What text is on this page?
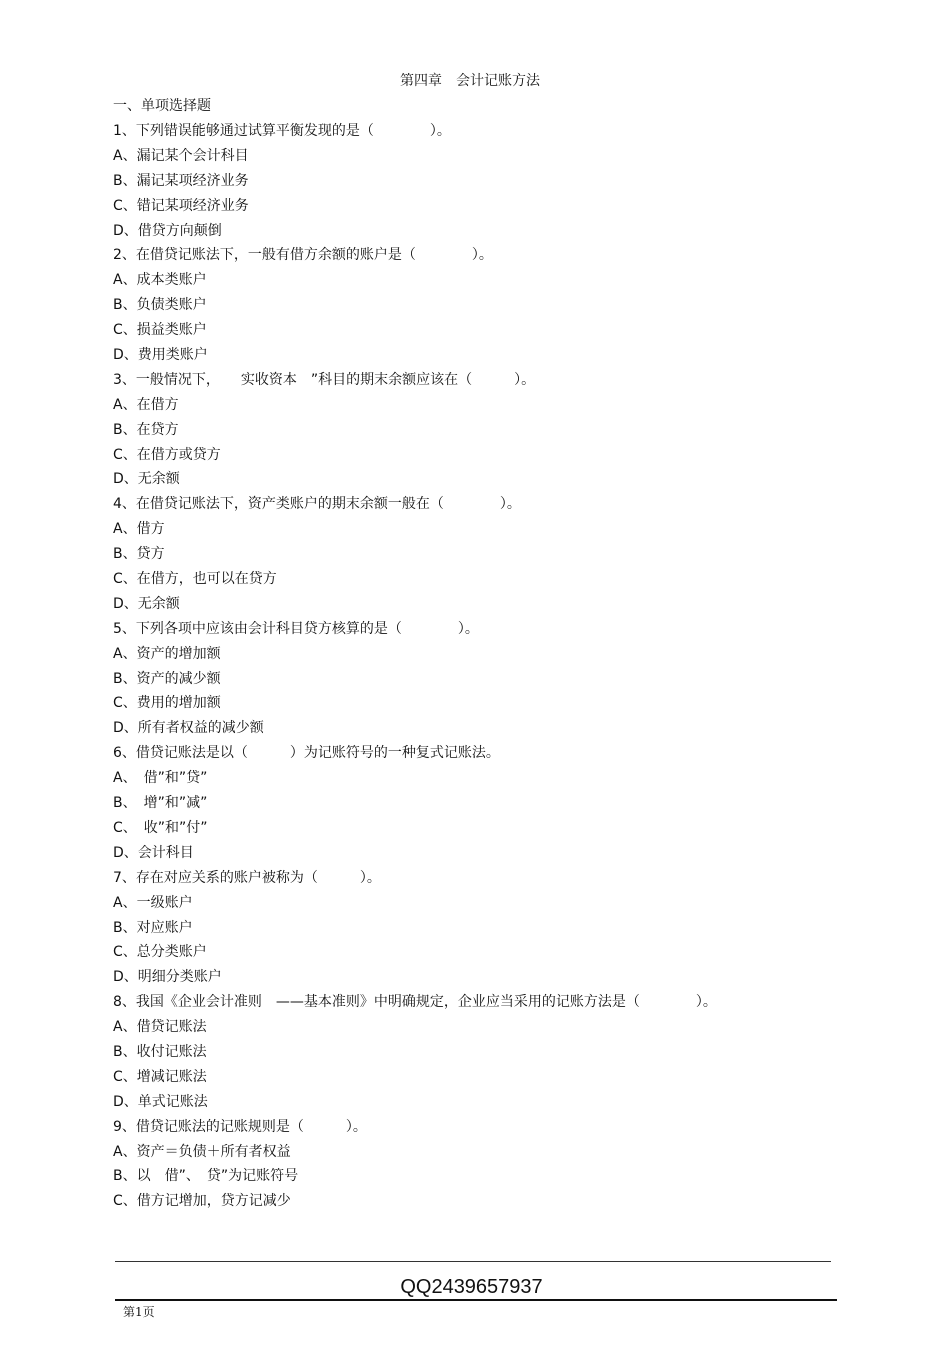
第四章　会计记账方法
一、单项选择题
1、下列错误能够通过试算平衡发现的是（　　　　）。
A、漏记某个会计科目
B、漏记某项经济业务
C、错记某项经济业务
D、借贷方向颠倒
2、在借贷记账法下，一般有借方余额的账户是（　　　　）。
A、成本类账户
B、负债类账户
C、损益类账户
D、费用类账户
3、一般情况下，　　实收资本　”科目的期末余额应该在（　　　）。
A、在借方
B、在贷方
C、在借方或贷方
D、无余额
4、在借贷记账法下，资产类账户的期末余额一般在（　　　　）。
A、借方
B、贷方
C、在借方，也可以在贷方
D、无余额
5、下列各项中应该由会计科目贷方核算的是（　　　　）。
A、资产的增加额
B、资产的减少额
C、费用的增加额
D、所有者权益的减少额
6、借贷记账法是以（　　　）为记账符号的一种复式记账法。
A、　借”和”贷”
B、　增”和”减”
C、　收”和”付”
D、会计科目
7、存在对应关系的账户被称为（　　　）。
A、一级账户
B、对应账户
C、总分类账户
D、明细分类账户
8、我国《企业会计准则　——基本准则》中明确规定，企业应当采用的记账方法是（　　　　）。
A、借贷记账法
B、收付记账法
C、增减记账法
D、单式记账法
9、借贷记账法的记账规则是（　　　）。
A、资产＝负债＋所有者权益
B、以　借”、　贷”为记账符号
C、借方记增加，贷方记减少
QQ2439657937
第1页
